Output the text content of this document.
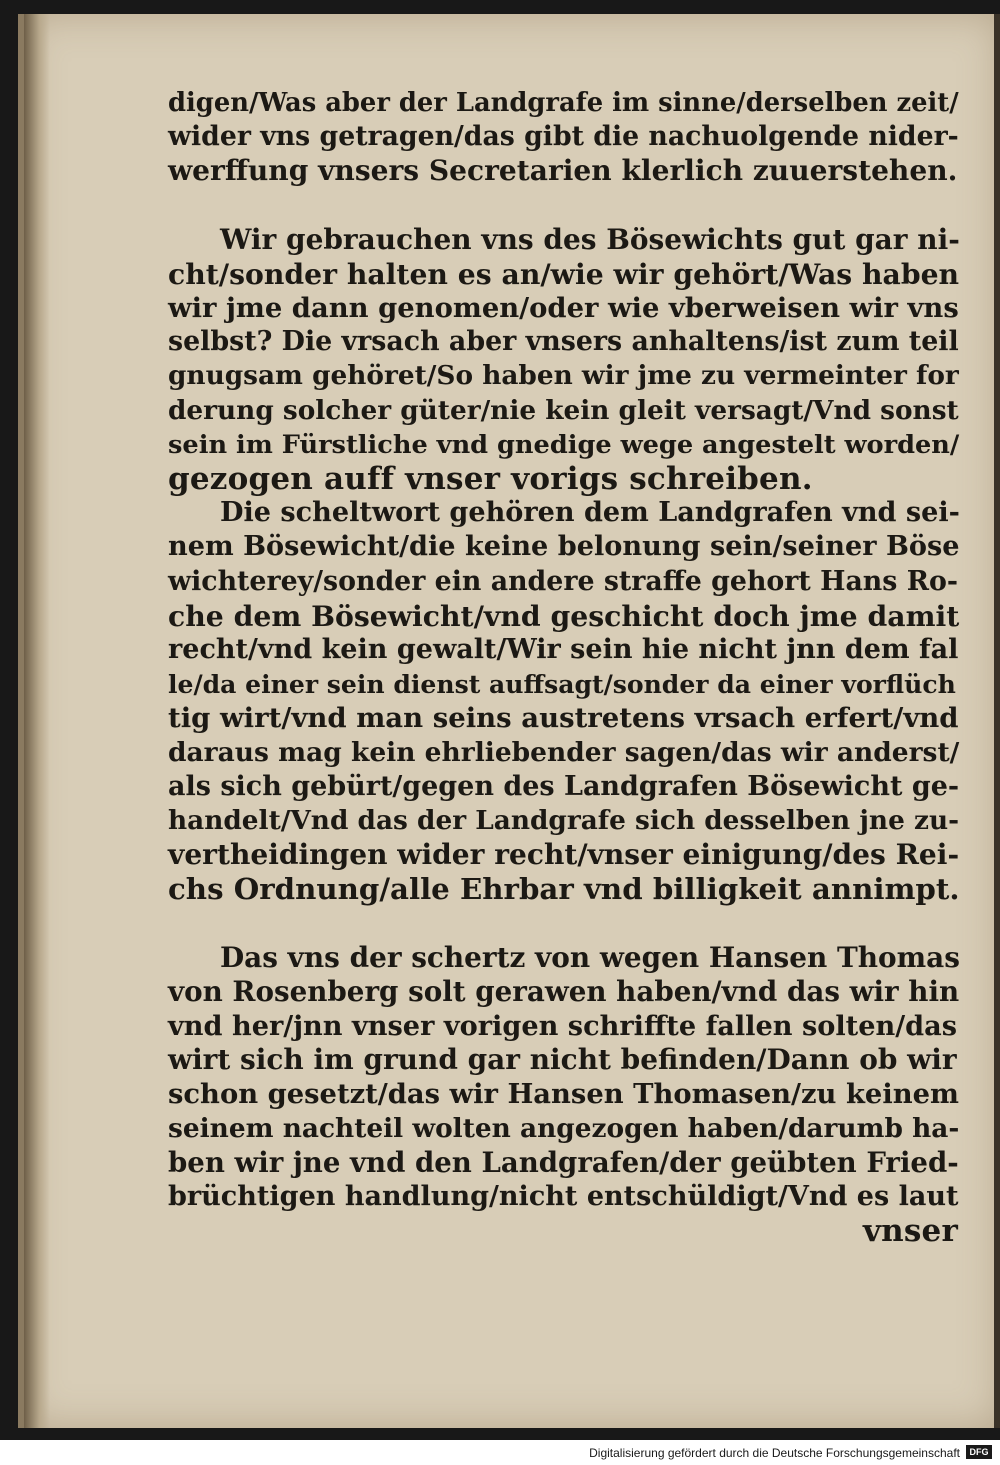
digen/Was aber der Landgrafe im sinne/derselben zeit/
wider vns getragen/das gibt die nachuolgende nider-
werffung vnsers Secretarien klerlich zuuerstehen.
Wir gebrauchen vns des Bösewichts gut gar ni-
cht/sonder halten es an/wie wir gehört/Was haben
wir jme dann genomen/oder wie vberweisen wir vns
selbst? Die vrsach aber vnsers anhaltens/ist zum teil
gnugsam gehöret/So haben wir jme zu vermeinter for
derung solcher güter/nie kein gleit versagt/Vnd sonst
sein im Fürstliche vnd gnedige wege angestelt worden/
gezogen auff vnser vorigs schreiben.
Die scheltwort gehören dem Landgrafen vnd sei-
nem Bösewicht/die keine belonung sein/seiner Böse
wichterey/sonder ein andere straffe gehort Hans Ro-
che dem Bösewicht/vnd geschicht doch jme damit
recht/vnd kein gewalt/Wir sein hie nicht jnn dem fal
le/da einer sein dienst auffsagt/sonder da einer vorflüch
tig wirt/vnd man seins austretens vrsach erfert/vnd
daraus mag kein ehrliebender sagen/das wir anderst/
als sich gebürt/gegen des Landgrafen Bösewicht ge-
handelt/Vnd das der Landgrafe sich desselben jne zu-
vertheidingen wider recht/vnser einigung/des Rei-
chs Ordnung/alle Ehrbar vnd billigkeit annimpt.
Das vns der schertz von wegen Hansen Thomas
von Rosenberg solt gerawen haben/vnd das wir hin
vnd her/jnn vnser vorigen schriffte fallen solten/das
wirt sich im grund gar nicht befinden/Dann ob wir
schon gesetzt/das wir Hansen Thomasen/zu keinem
seinem nachteil wolten angezogen haben/darumb ha-
ben wir jne vnd den Landgrafen/der geübten Fried-
brüchtigen handlung/nicht entschüldigt/Vnd es laut
vnser
Digitalisierung gefördert durch die Deutsche Forschungsgemeinschaft	DFG
